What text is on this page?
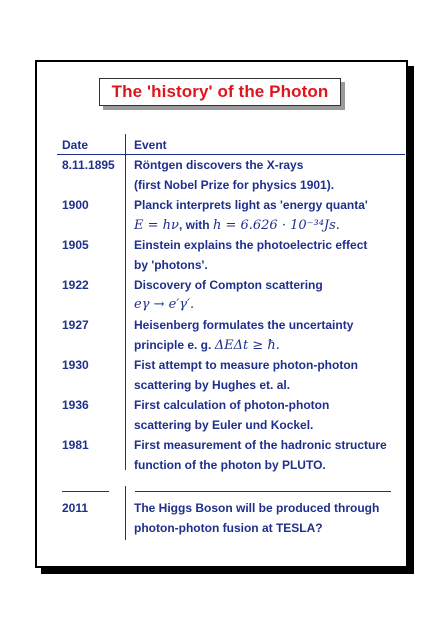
The 'history' of the Photon
Date	Event
8.11.1895 Röntgen discovers the X-rays
(first Nobel Prize for physics 1901).
1900	Planck interprets light as 'energy quanta'
E = hν, with h = 6.626 · 10⁻³⁴Js.
1905	Einstein explains the photoelectric effect
by 'photons'.
1922	Discovery of Compton scattering
eγ → e′γ′.
1927	Heisenberg formulates the uncertainty
principle e. g. ΔEΔt ≥ ħ.
1930	Fist attempt to measure photon-photon
scattering by Hughes et. al.
1936	First calculation of photon-photon
scattering by Euler und Kockel.
1981	First measurement of the hadronic structure
function of the photon by PLUTO.
2011	The Higgs Boson will be produced through
photon-photon fusion at TESLA?
